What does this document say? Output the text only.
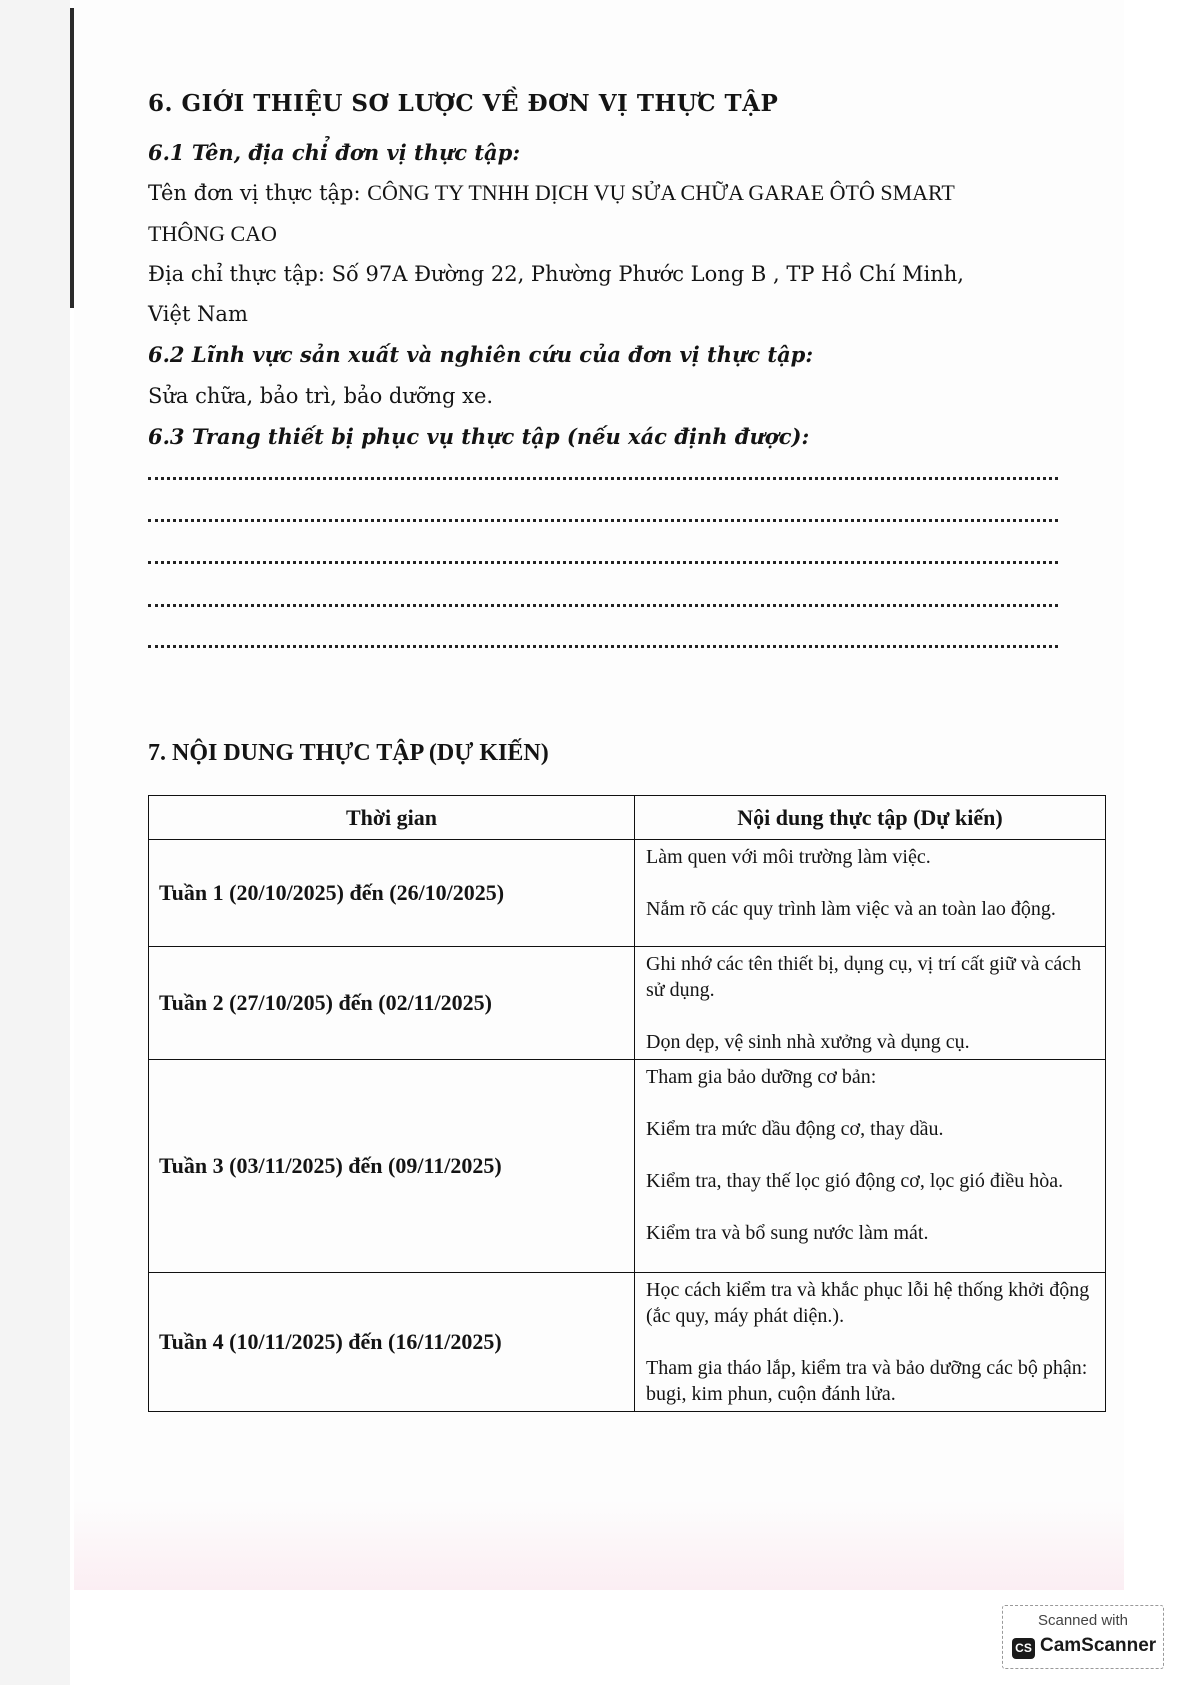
6. GIỚI THIỆU SƠ LƯỢC VỀ ĐƠN VỊ THỰC TẬP
6.1 Tên, địa chỉ đơn vị thực tập:
Tên đơn vị thực tập: CÔNG TY TNHH DỊCH VỤ SỬA CHỮA GARAE ÔTÔ SMART
THÔNG CAO
Địa chỉ thực tập: Số 97A Đường 22, Phường Phước Long B , TP Hồ Chí Minh,
Việt Nam
6.2 Lĩnh vực sản xuất và nghiên cứu của đơn vị thực tập:
Sửa chữa, bảo trì, bảo dưỡng xe.
6.3 Trang thiết bị phục vụ thực tập (nếu xác định được):
7. NỘI DUNG THỰC TẬP (DỰ KIẾN)
Thời gian	Nội dung thực tập (Dự kiến)
Tuần 1 (20/10/2025) đến (26/10/2025)	Làm quen với môi trường làm việc.

Nắm rõ các quy trình làm việc và an toàn lao động.

Tuần 2 (27/10/205) đến (02/11/2025)	Ghi nhớ các tên thiết bị, dụng cụ, vị trí cất giữ và cách sử dụng.

Dọn dẹp, vệ sinh nhà xưởng và dụng cụ.

Tuần 3 (03/11/2025) đến (09/11/2025)	Tham gia bảo dưỡng cơ bản:

Kiểm tra mức dầu động cơ, thay dầu.

Kiểm tra, thay thế lọc gió động cơ, lọc gió điều hòa.

Kiểm tra và bổ sung nước làm mát.

Tuần 4 (10/11/2025) đến (16/11/2025)	Học cách kiểm tra và khắc phục lỗi hệ thống khởi động (ắc quy, máy phát diện.).

Tham gia tháo lắp, kiểm tra và bảo dưỡng các bộ phận: bugi, kim phun, cuộn đánh lửa.

Scanned with
CS CamScanner
